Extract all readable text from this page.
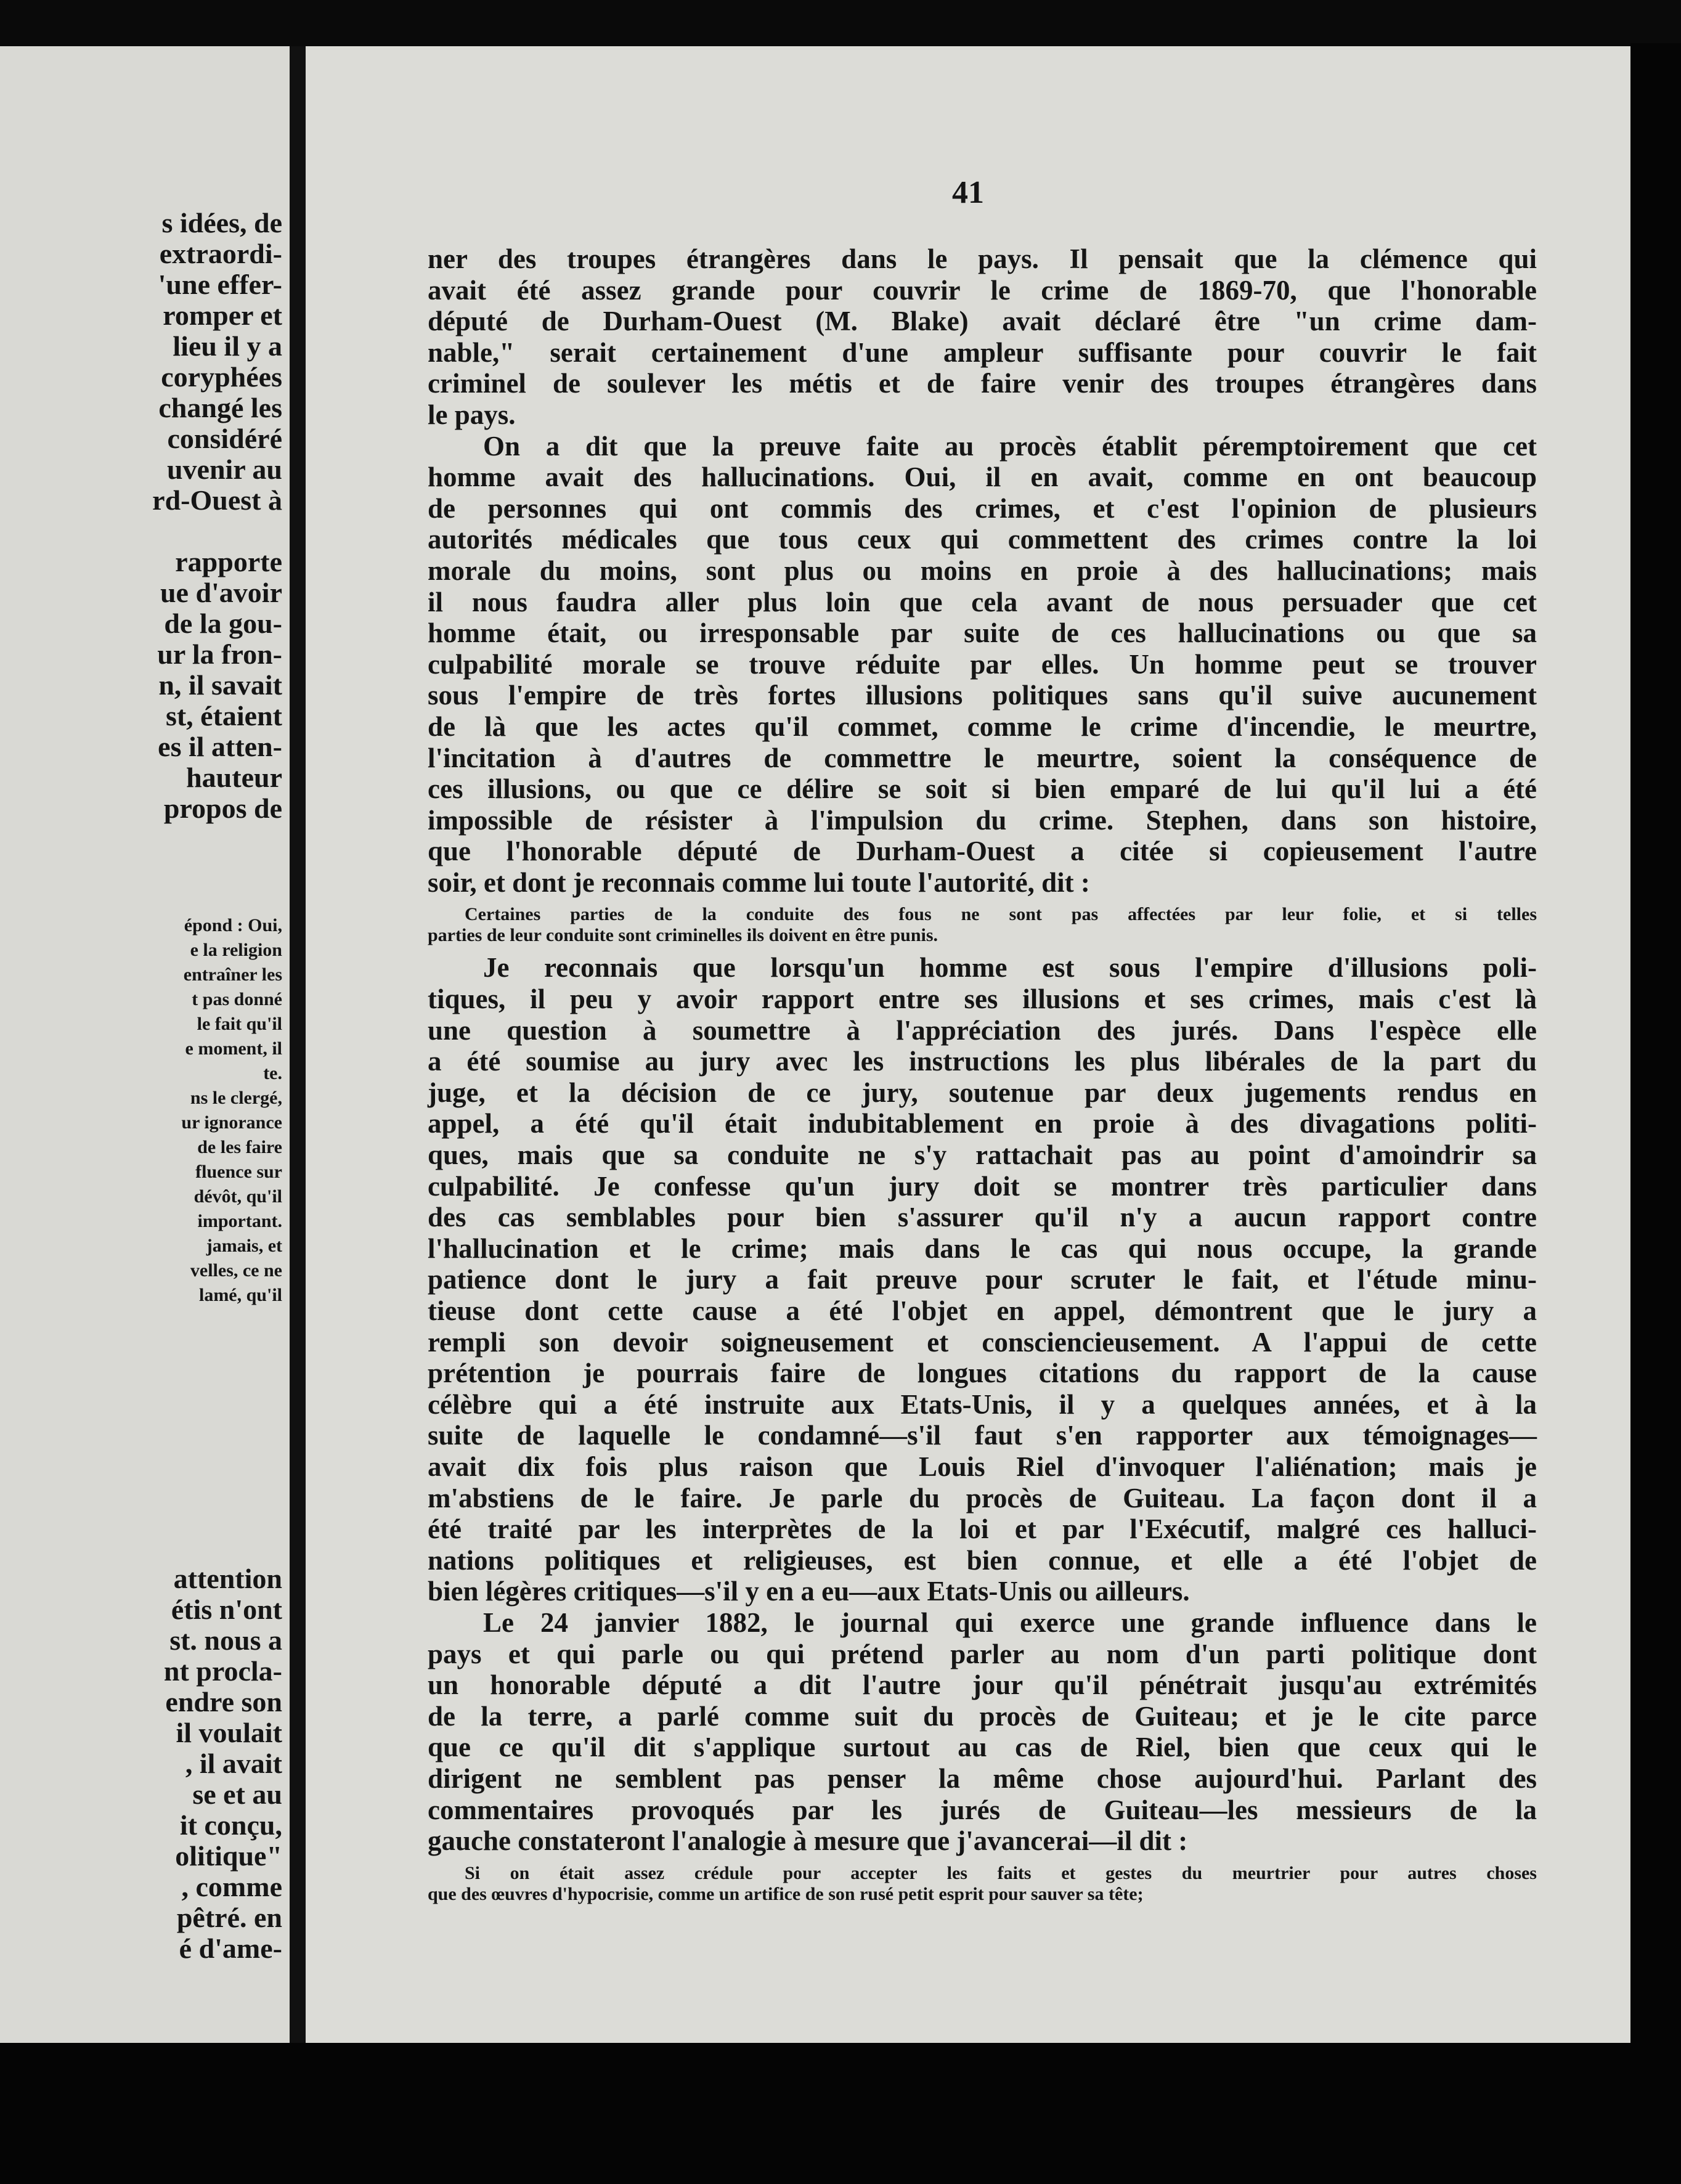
s idées, de
extraordi-
'une effer-
romper et
lieu il y a
coryphées
changé les
considéré
uvenir au
rd-Ouest à
rapporte
ue d'avoir
de la gou-
ur la fron-
n, il savait
st, étaient
es il atten-
hauteur
propos de
épond : Oui,
e la religion
entraîner les
t pas donné
le fait qu'il
e moment, il
te.
ns le clergé,
ur ignorance
de les faire
fluence sur
dévôt, qu'il
important.
jamais, et
velles, ce ne
lamé, qu'il
attention
étis n'ont
st. nous a
nt procla-
endre son
il voulait
, il avait
se et au
it conçu,
olitique"
, comme
pêtré. en
é d'ame-
41
ner des troupes étrangères dans le pays. Il pensait que la clémence qui
avait été assez grande pour couvrir le crime de 1869-70, que l'honorable
député de Durham-Ouest (M. Blake) avait déclaré être "un crime dam-
nable," serait certainement d'une ampleur suffisante pour couvrir le fait
criminel de soulever les métis et de faire venir des troupes étrangères dans
le pays.
On a dit que la preuve faite au procès établit péremptoirement que cet
homme avait des hallucinations. Oui, il en avait, comme en ont beaucoup
de personnes qui ont commis des crimes, et c'est l'opinion de plusieurs
autorités médicales que tous ceux qui commettent des crimes contre la loi
morale du moins, sont plus ou moins en proie à des hallucinations; mais
il nous faudra aller plus loin que cela avant de nous persuader que cet
homme était, ou irresponsable par suite de ces hallucinations ou que sa
culpabilité morale se trouve réduite par elles. Un homme peut se trouver
sous l'empire de très fortes illusions politiques sans qu'il suive aucunement
de là que les actes qu'il commet, comme le crime d'incendie, le meurtre,
l'incitation à d'autres de commettre le meurtre, soient la conséquence de
ces illusions, ou que ce délire se soit si bien emparé de lui qu'il lui a été
impossible de résister à l'impulsion du crime. Stephen, dans son histoire,
que l'honorable député de Durham-Ouest a citée si copieusement l'autre
soir, et dont je reconnais comme lui toute l'autorité, dit :
Certaines parties de la conduite des fous ne sont pas affectées par leur folie, et si telles
parties de leur conduite sont criminelles ils doivent en être punis.
Je reconnais que lorsqu'un homme est sous l'empire d'illusions poli-
tiques, il peu y avoir rapport entre ses illusions et ses crimes, mais c'est là
une question à soumettre à l'appréciation des jurés. Dans l'espèce elle
a été soumise au jury avec les instructions les plus libérales de la part du
juge, et la décision de ce jury, soutenue par deux jugements rendus en
appel, a été qu'il était indubitablement en proie à des divagations politi-
ques, mais que sa conduite ne s'y rattachait pas au point d'amoindrir sa
culpabilité. Je confesse qu'un jury doit se montrer très particulier dans
des cas semblables pour bien s'assurer qu'il n'y a aucun rapport contre
l'hallucination et le crime; mais dans le cas qui nous occupe, la grande
patience dont le jury a fait preuve pour scruter le fait, et l'étude minu-
tieuse dont cette cause a été l'objet en appel, démontrent que le jury a
rempli son devoir soigneusement et consciencieusement. A l'appui de cette
prétention je pourrais faire de longues citations du rapport de la cause
célèbre qui a été instruite aux Etats-Unis, il y a quelques années, et à la
suite de laquelle le condamné—s'il faut s'en rapporter aux témoignages—
avait dix fois plus raison que Louis Riel d'invoquer l'aliénation; mais je
m'abstiens de le faire. Je parle du procès de Guiteau. La façon dont il a
été traité par les interprètes de la loi et par l'Exécutif, malgré ces halluci-
nations politiques et religieuses, est bien connue, et elle a été l'objet de
bien légères critiques—s'il y en a eu—aux Etats-Unis ou ailleurs.
Le 24 janvier 1882, le journal qui exerce une grande influence dans le
pays et qui parle ou qui prétend parler au nom d'un parti politique dont
un honorable député a dit l'autre jour qu'il pénétrait jusqu'au extrémités
de la terre, a parlé comme suit du procès de Guiteau; et je le cite parce
que ce qu'il dit s'applique surtout au cas de Riel, bien que ceux qui le
dirigent ne semblent pas penser la même chose aujourd'hui. Parlant des
commentaires provoqués par les jurés de Guiteau—les messieurs de la
gauche constateront l'analogie à mesure que j'avancerai—il dit :
Si on était assez crédule pour accepter les faits et gestes du meurtrier pour autres choses
que des œuvres d'hypocrisie, comme un artifice de son rusé petit esprit pour sauver sa tête;
